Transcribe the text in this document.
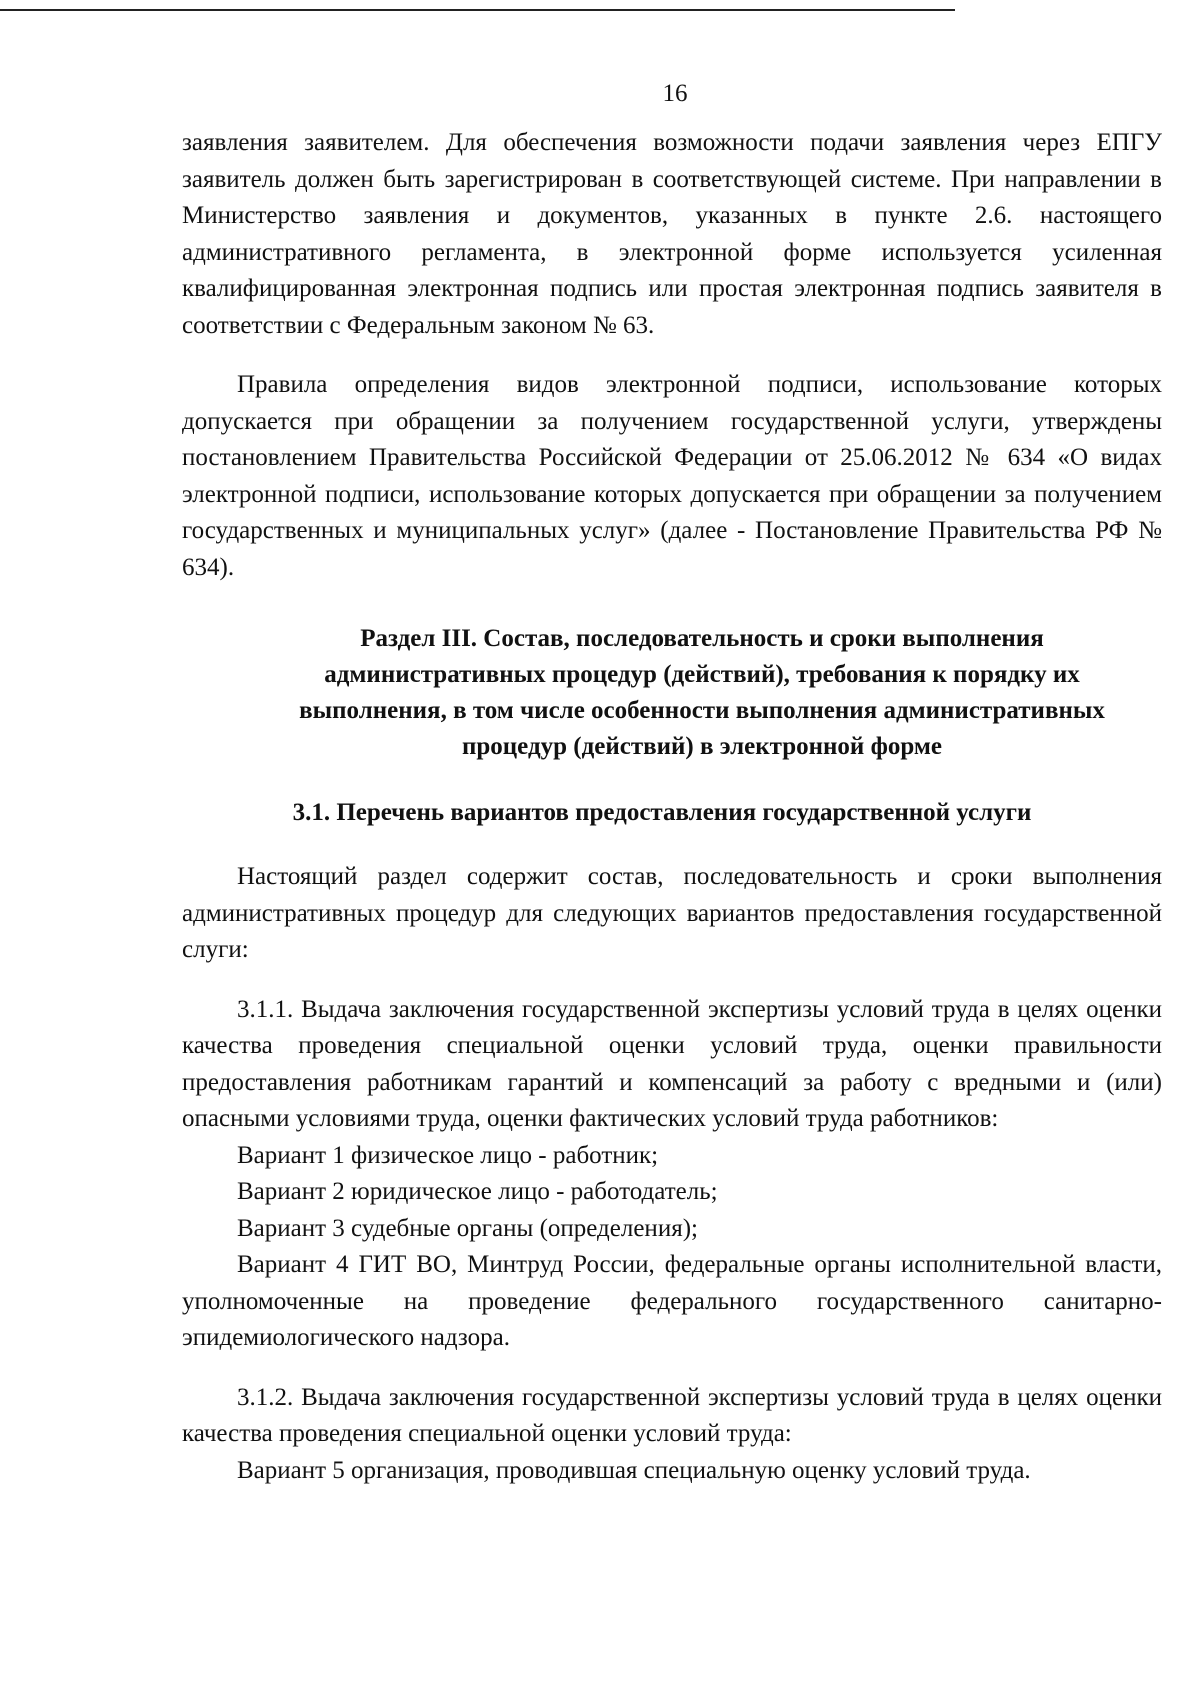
16

заявления заявителем. Для обеспечения возможности подачи заявления через ЕПГУ заявитель должен быть зарегистрирован в соответствующей системе. При направлении в Министерство заявления и документов, указанных в пункте 2.6. настоящего административного регламента, в электронной форме используется усиленная квалифицированная электронная подпись или простая электронная подпись заявителя в соответствии с Федеральным законом № 63.

Правила определения видов электронной подписи, использование которых допускается при обращении за получением государственной услуги, утверждены постановлением Правительства Российской Федерации от 25.06.2012 № 634 «О видах электронной подписи, использование которых допускается при обращении за получением государственных и муниципальных услуг» (далее - Постановление Правительства РФ № 634).

Раздел III. Состав, последовательность и сроки выполнения административных процедур (действий), требования к порядку их выполнения, в том числе особенности выполнения административных процедур (действий) в электронной форме

3.1. Перечень вариантов предоставления государственной услуги

Настоящий раздел содержит состав, последовательность и сроки выполнения административных процедур для следующих вариантов предоставления государственной слуги:

3.1.1. Выдача заключения государственной экспертизы условий труда в целях оценки качества проведения специальной оценки условий труда, оценки правильности предоставления работникам гарантий и компенсаций за работу с вредными и (или) опасными условиями труда, оценки фактических условий труда работников:

Вариант 1 физическое лицо - работник;

Вариант 2 юридическое лицо - работодатель;

Вариант 3 судебные органы (определения);

Вариант 4 ГИТ ВО, Минтруд России, федеральные органы исполнительной власти, уполномоченные на проведение федерального государственного санитарно-эпидемиологического надзора.

3.1.2. Выдача заключения государственной экспертизы условий труда в целях оценки качества проведения специальной оценки условий труда:

Вариант 5 организация, проводившая специальную оценку условий труда.
